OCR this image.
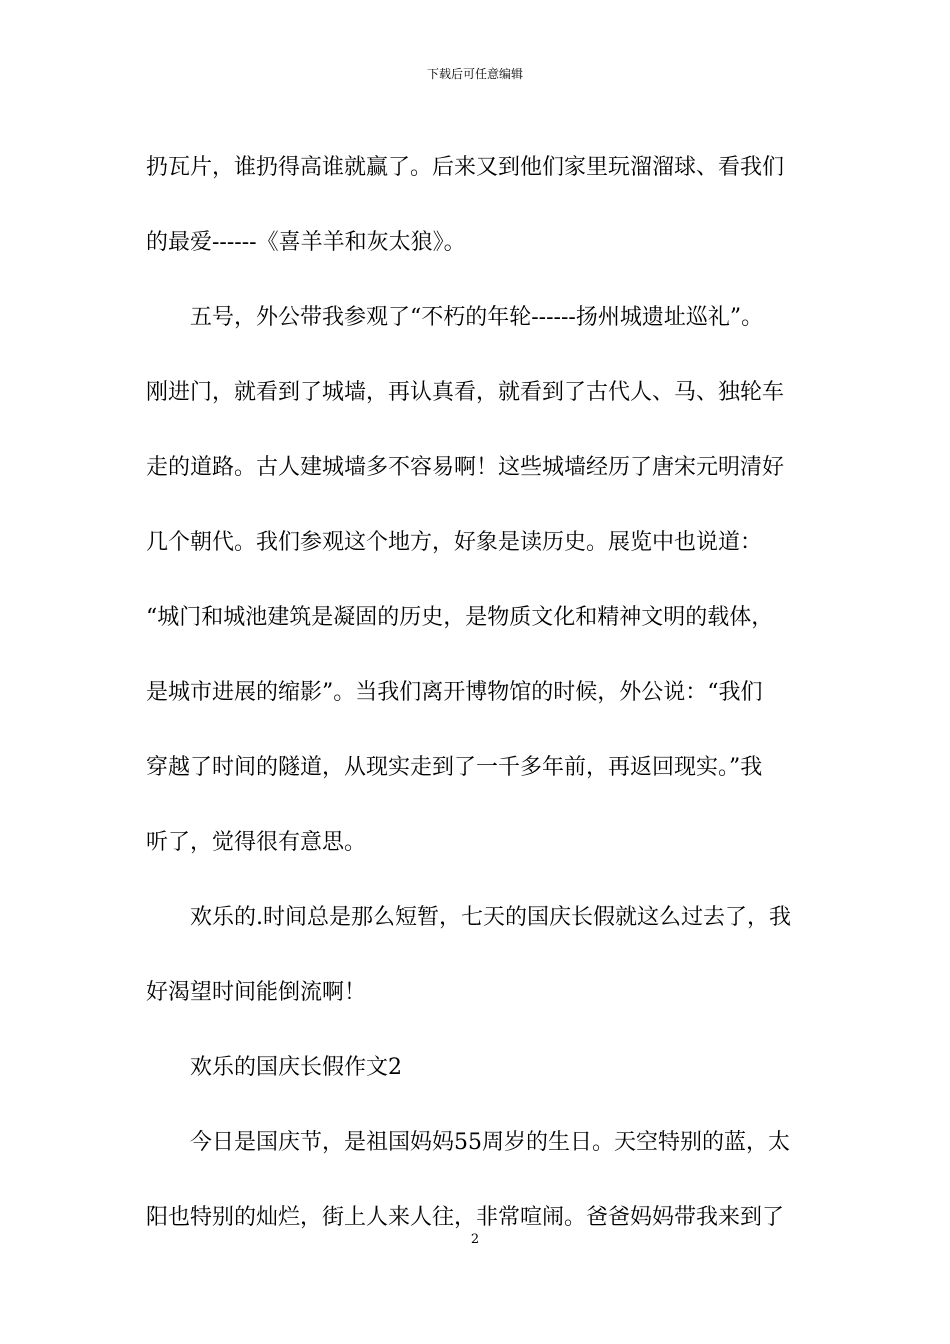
下载后可任意编辑
扔瓦片，谁扔得高谁就赢了。后来又到他们家里玩溜溜球、看我们
的最爱------《喜羊羊和灰太狼》。
五号，外公带我参观了“不朽的年轮------扬州城遗址巡礼”。
刚进门，就看到了城墙，再认真看，就看到了古代人、马、独轮车
走的道路。古人建城墙多不容易啊！这些城墙经历了唐宋元明清好
几个朝代。我们参观这个地方，好象是读历史。展览中也说道：
“城门和城池建筑是凝固的历史，是物质文化和精神文明的载体，
是城市进展的缩影”。当我们离开博物馆的时候，外公说：“我们
穿越了时间的隧道，从现实走到了一千多年前，再返回现实。”我
听了，觉得很有意思。
欢乐的.时间总是那么短暂，七天的国庆长假就这么过去了，我
好渴望时间能倒流啊！
欢乐的国庆长假作文2
今日是国庆节，是祖国妈妈55周岁的生日。天空特别的蓝，太
阳也特别的灿烂，街上人来人往，非常喧闹。爸爸妈妈带我来到了
2
